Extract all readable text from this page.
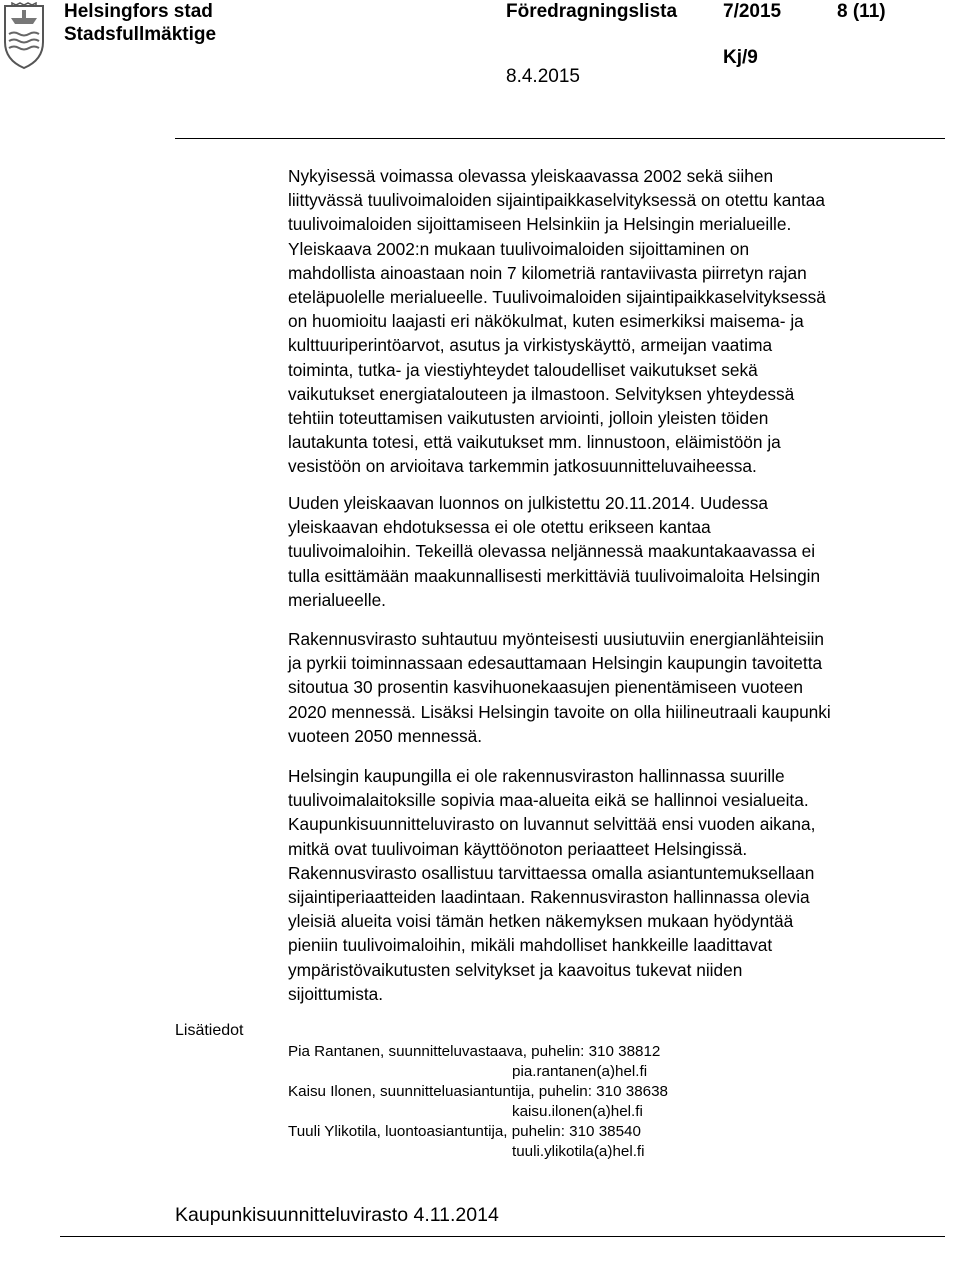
Helsingfors stad
Stadsfullmäktige
Föredragningslista 7/2015	8 (11)
Kj/9
8.4.2015

Nykyisessä voimassa olevassa yleiskaavassa 2002 sekä siihen

liittyvässä tuulivoimaloiden sijaintipaikkaselvityksessä on otettu kantaa

tuulivoimaloiden sijoittamiseen Helsinkiin ja Helsingin merialueille.

Yleiskaava 2002:n mukaan tuulivoimaloiden sijoittaminen on

mahdollista ainoastaan noin 7 kilometriä rantaviivasta piirretyn rajan

eteläpuolelle merialueelle. Tuulivoimaloiden sijaintipaikkaselvityksessä

on huomioitu laajasti eri näkökulmat, kuten esimerkiksi maisema- ja

kulttuuriperintöarvot, asutus ja virkistyskäyttö, armeijan vaatima

toiminta, tutka- ja viestiyhteydet taloudelliset vaikutukset sekä

vaikutukset energiatalouteen ja ilmastoon. Selvityksen yhteydessä

tehtiin toteuttamisen vaikutusten arviointi, jolloin yleisten töiden

lautakunta totesi, että vaikutukset mm. linnustoon, eläimistöön ja

vesistöön on arvioitava tarkemmin jatkosuunnitteluvaiheessa.

Uuden yleiskaavan luonnos on julkistettu 20.11.2014. Uudessa

yleiskaavan ehdotuksessa ei ole otettu erikseen kantaa

tuulivoimaloihin. Tekeillä olevassa neljännessä maakuntakaavassa ei

tulla esittämään maakunnallisesti merkittäviä tuulivoimaloita Helsingin

merialueelle.

Rakennusvirasto suhtautuu myönteisesti uusiutuviin energianlähteisiin

ja pyrkii toiminnassaan edesauttamaan Helsingin kaupungin tavoitetta

sitoutua 30 prosentin kasvihuonekaasujen pienentämiseen vuoteen

2020 mennessä. Lisäksi Helsingin tavoite on olla hiilineutraali kaupunki

vuoteen 2050 mennessä.

Helsingin kaupungilla ei ole rakennusviraston hallinnassa suurille

tuulivoimalaitoksille sopivia maa-alueita eikä se hallinnoi vesialueita.

Kaupunkisuunnitteluvirasto on luvannut selvittää ensi vuoden aikana,

mitkä ovat tuulivoiman käyttöönoton periaatteet Helsingissä.

Rakennusvirasto osallistuu tarvittaessa omalla asiantuntemuksellaan

sijaintiperiaatteiden laadintaan. Rakennusviraston hallinnassa olevia

yleisiä alueita voisi tämän hetken näkemyksen mukaan hyödyntää

pieniin tuulivoimaloihin, mikäli mahdolliset hankkeille laadittavat

ympäristövaikutusten selvitykset ja kaavoitus tukevat niiden

sijoittumista.

Lisätiedot
Pia Rantanen, suunnitteluvastaava, puhelin: 310 38812
pia.rantanen(a)hel.fi
Kaisu Ilonen, suunnitteluasiantuntija, puhelin: 310 38638
kaisu.ilonen(a)hel.fi
Tuuli Ylikotila, luontoasiantuntija, puhelin: 310 38540
tuuli.ylikotila(a)hel.fi
Kaupunkisuunnitteluvirasto 4.11.2014
